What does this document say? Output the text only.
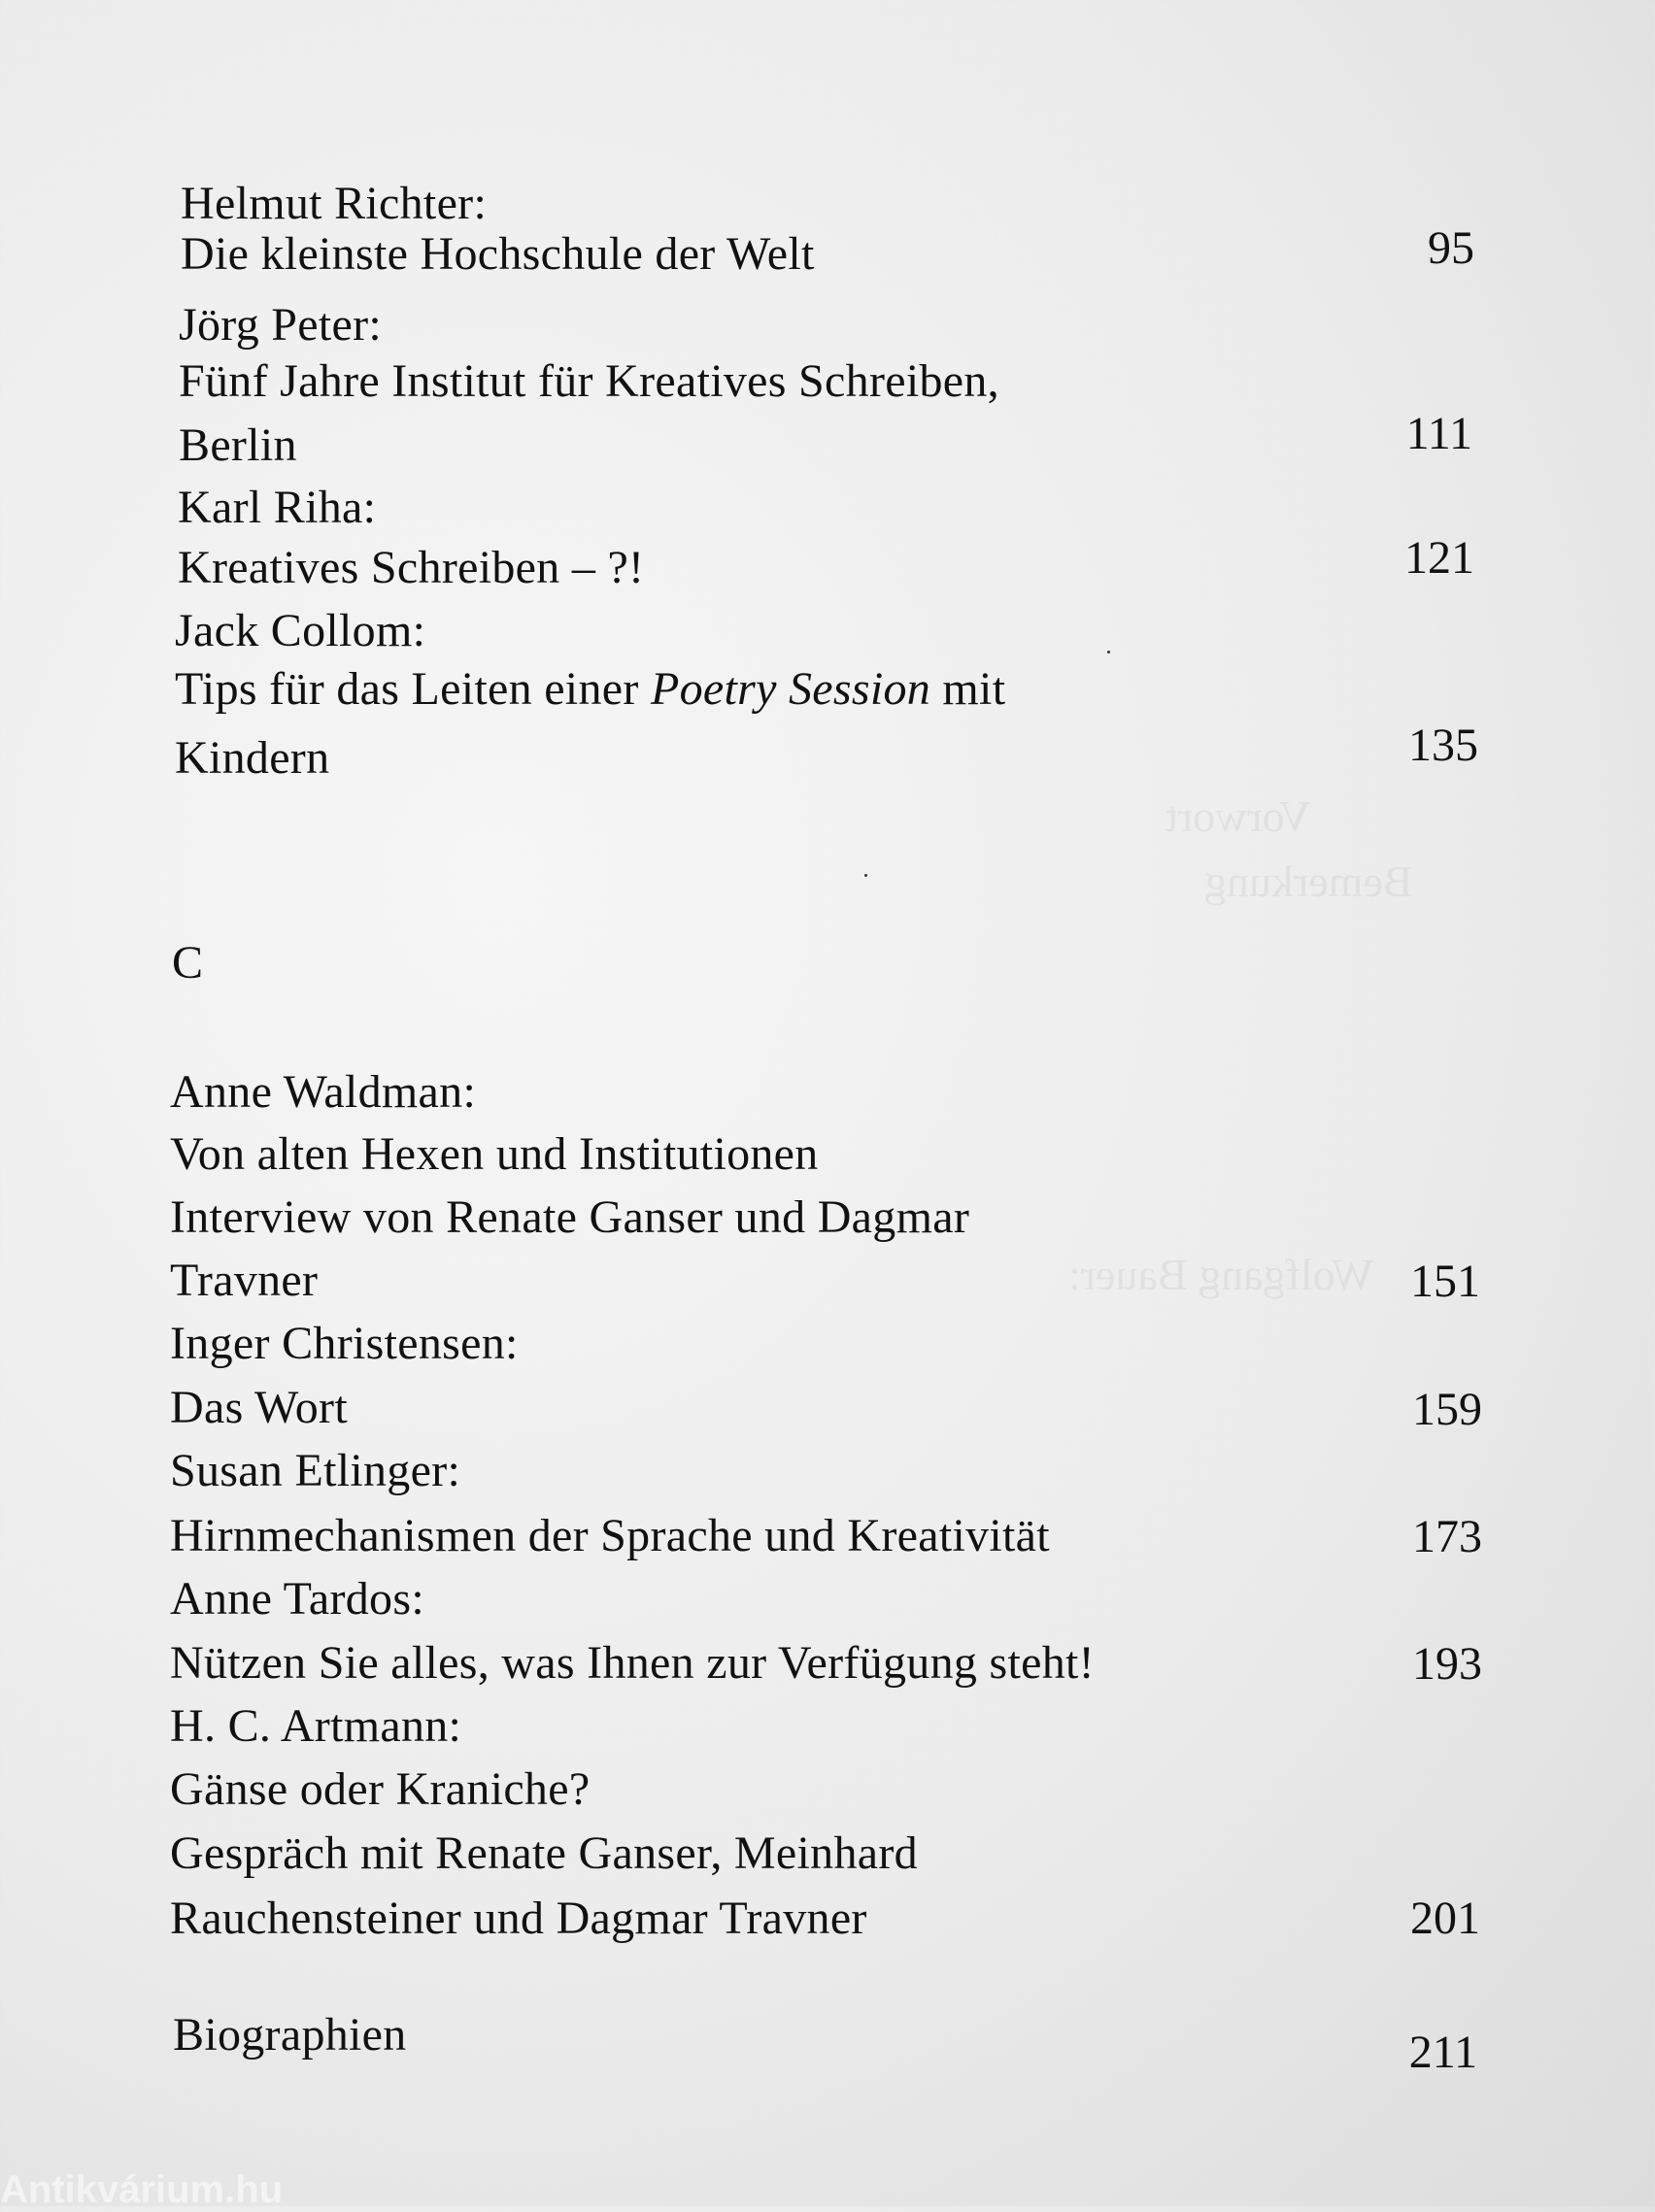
Vorwort
Bemerkung
Wolfgang Bauer:
Helmut Richter:
Die kleinste Hochschule der Welt	95
Jörg Peter:
Fünf Jahre Institut für Kreatives Schreiben,
Berlin	111
Karl Riha:
Kreatives Schreiben – ?!	121
Jack Collom:
Tips für das Leiten einer Poetry Session mit
Kindern	135
C
Anne Waldman:
Von alten Hexen und Institutionen
Interview von Renate Ganser und Dagmar
Travner	151
Inger Christensen:
Das Wort	159
Susan Etlinger:
Hirnmechanismen der Sprache und Kreativität	173
Anne Tardos:
Nützen Sie alles, was Ihnen zur Verfügung steht!	193
H. C. Artmann:
Gänse oder Kraniche?
Gespräch mit Renate Ganser, Meinhard
Rauchensteiner und Dagmar Travner	201
Biographien	211
Antikvárium.hu
